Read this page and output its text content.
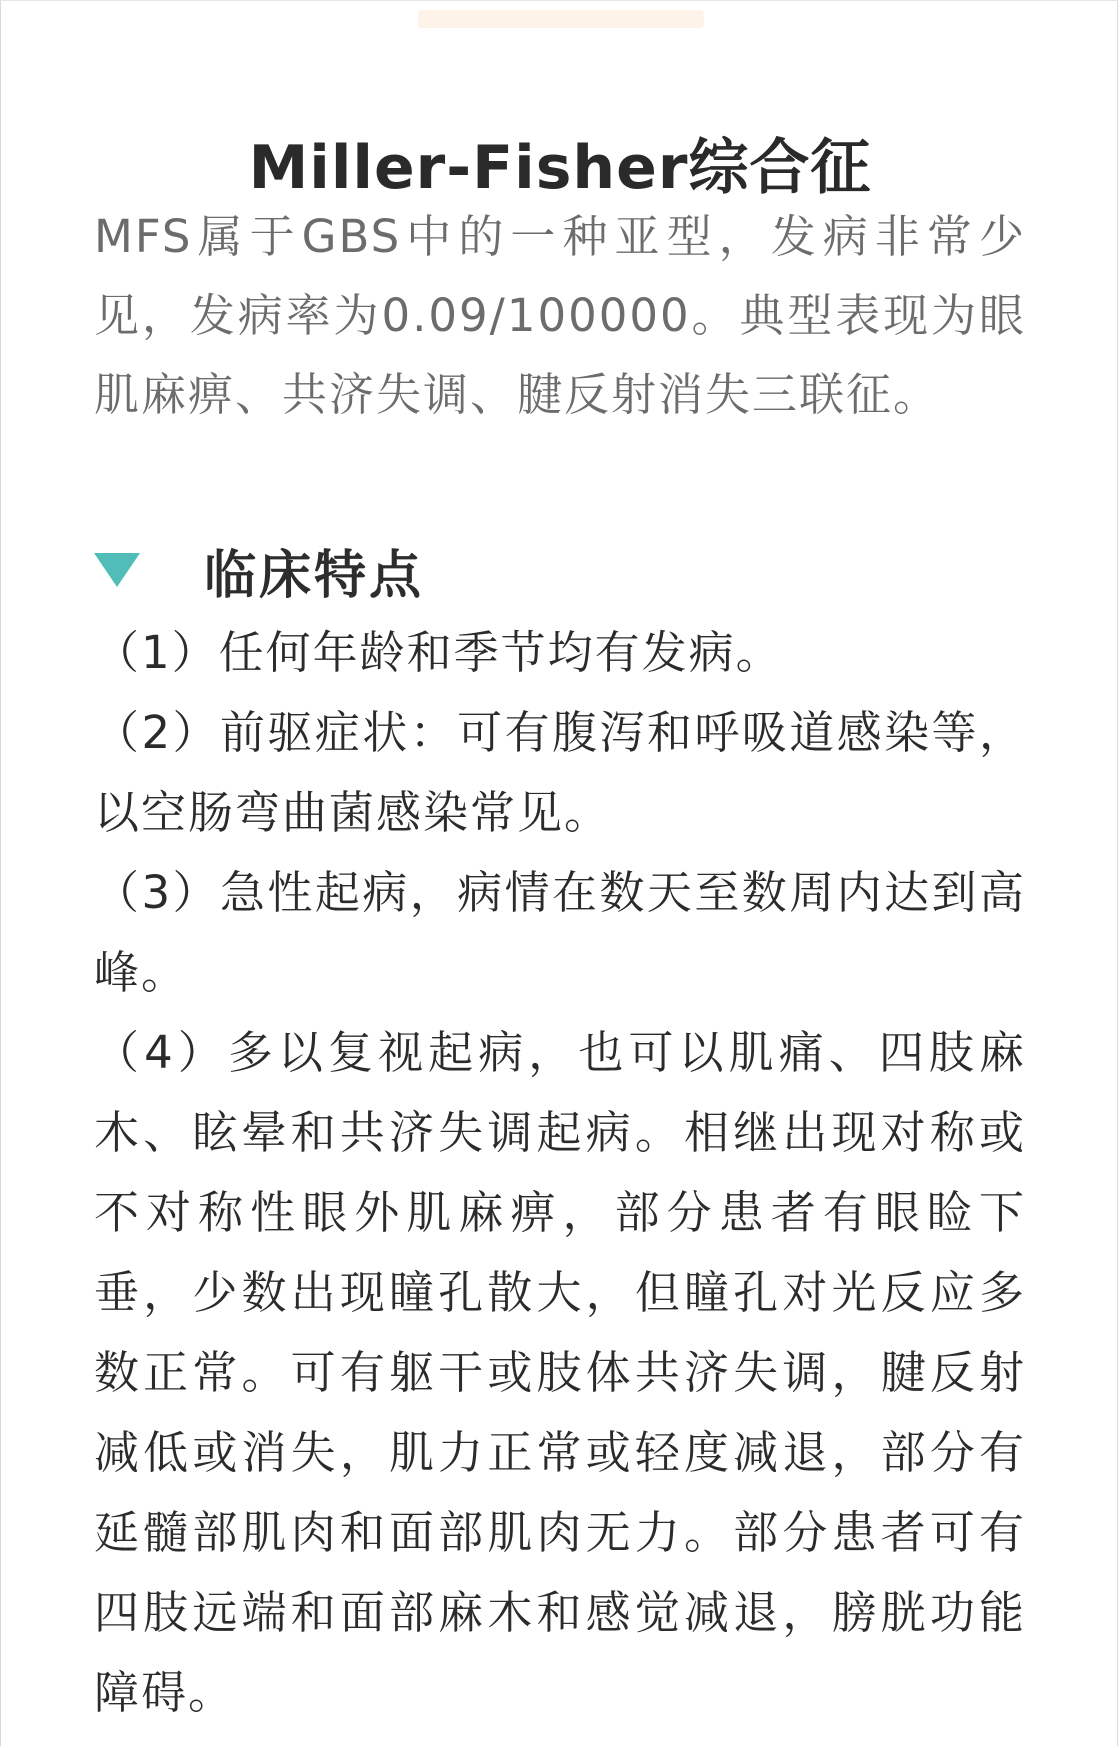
Miller-Fisher综合征
MFS属于GBS中的一种亚型，发病非常少见，发病率为0.09/100000。典型表现为眼肌麻痹、共济失调、腱反射消失三联征。
临床特点

（1）任何年龄和季节均有发病。

（2）前驱症状：可有腹泻和呼吸道感染等，以空肠弯曲菌感染常见。

（3）急性起病，病情在数天至数周内达到高峰。

（4）多以复视起病，也可以肌痛、四肢麻木、眩晕和共济失调起病。相继出现对称或不对称性眼外肌麻痹，部分患者有眼睑下垂，少数出现瞳孔散大，但瞳孔对光反应多数正常。可有躯干或肢体共济失调，腱反射减低或消失，肌力正常或轻度减退，部分有延髓部肌肉和面部肌肉无力。部分患者可有四肢远端和面部麻木和感觉减退，膀胱功能障碍。
